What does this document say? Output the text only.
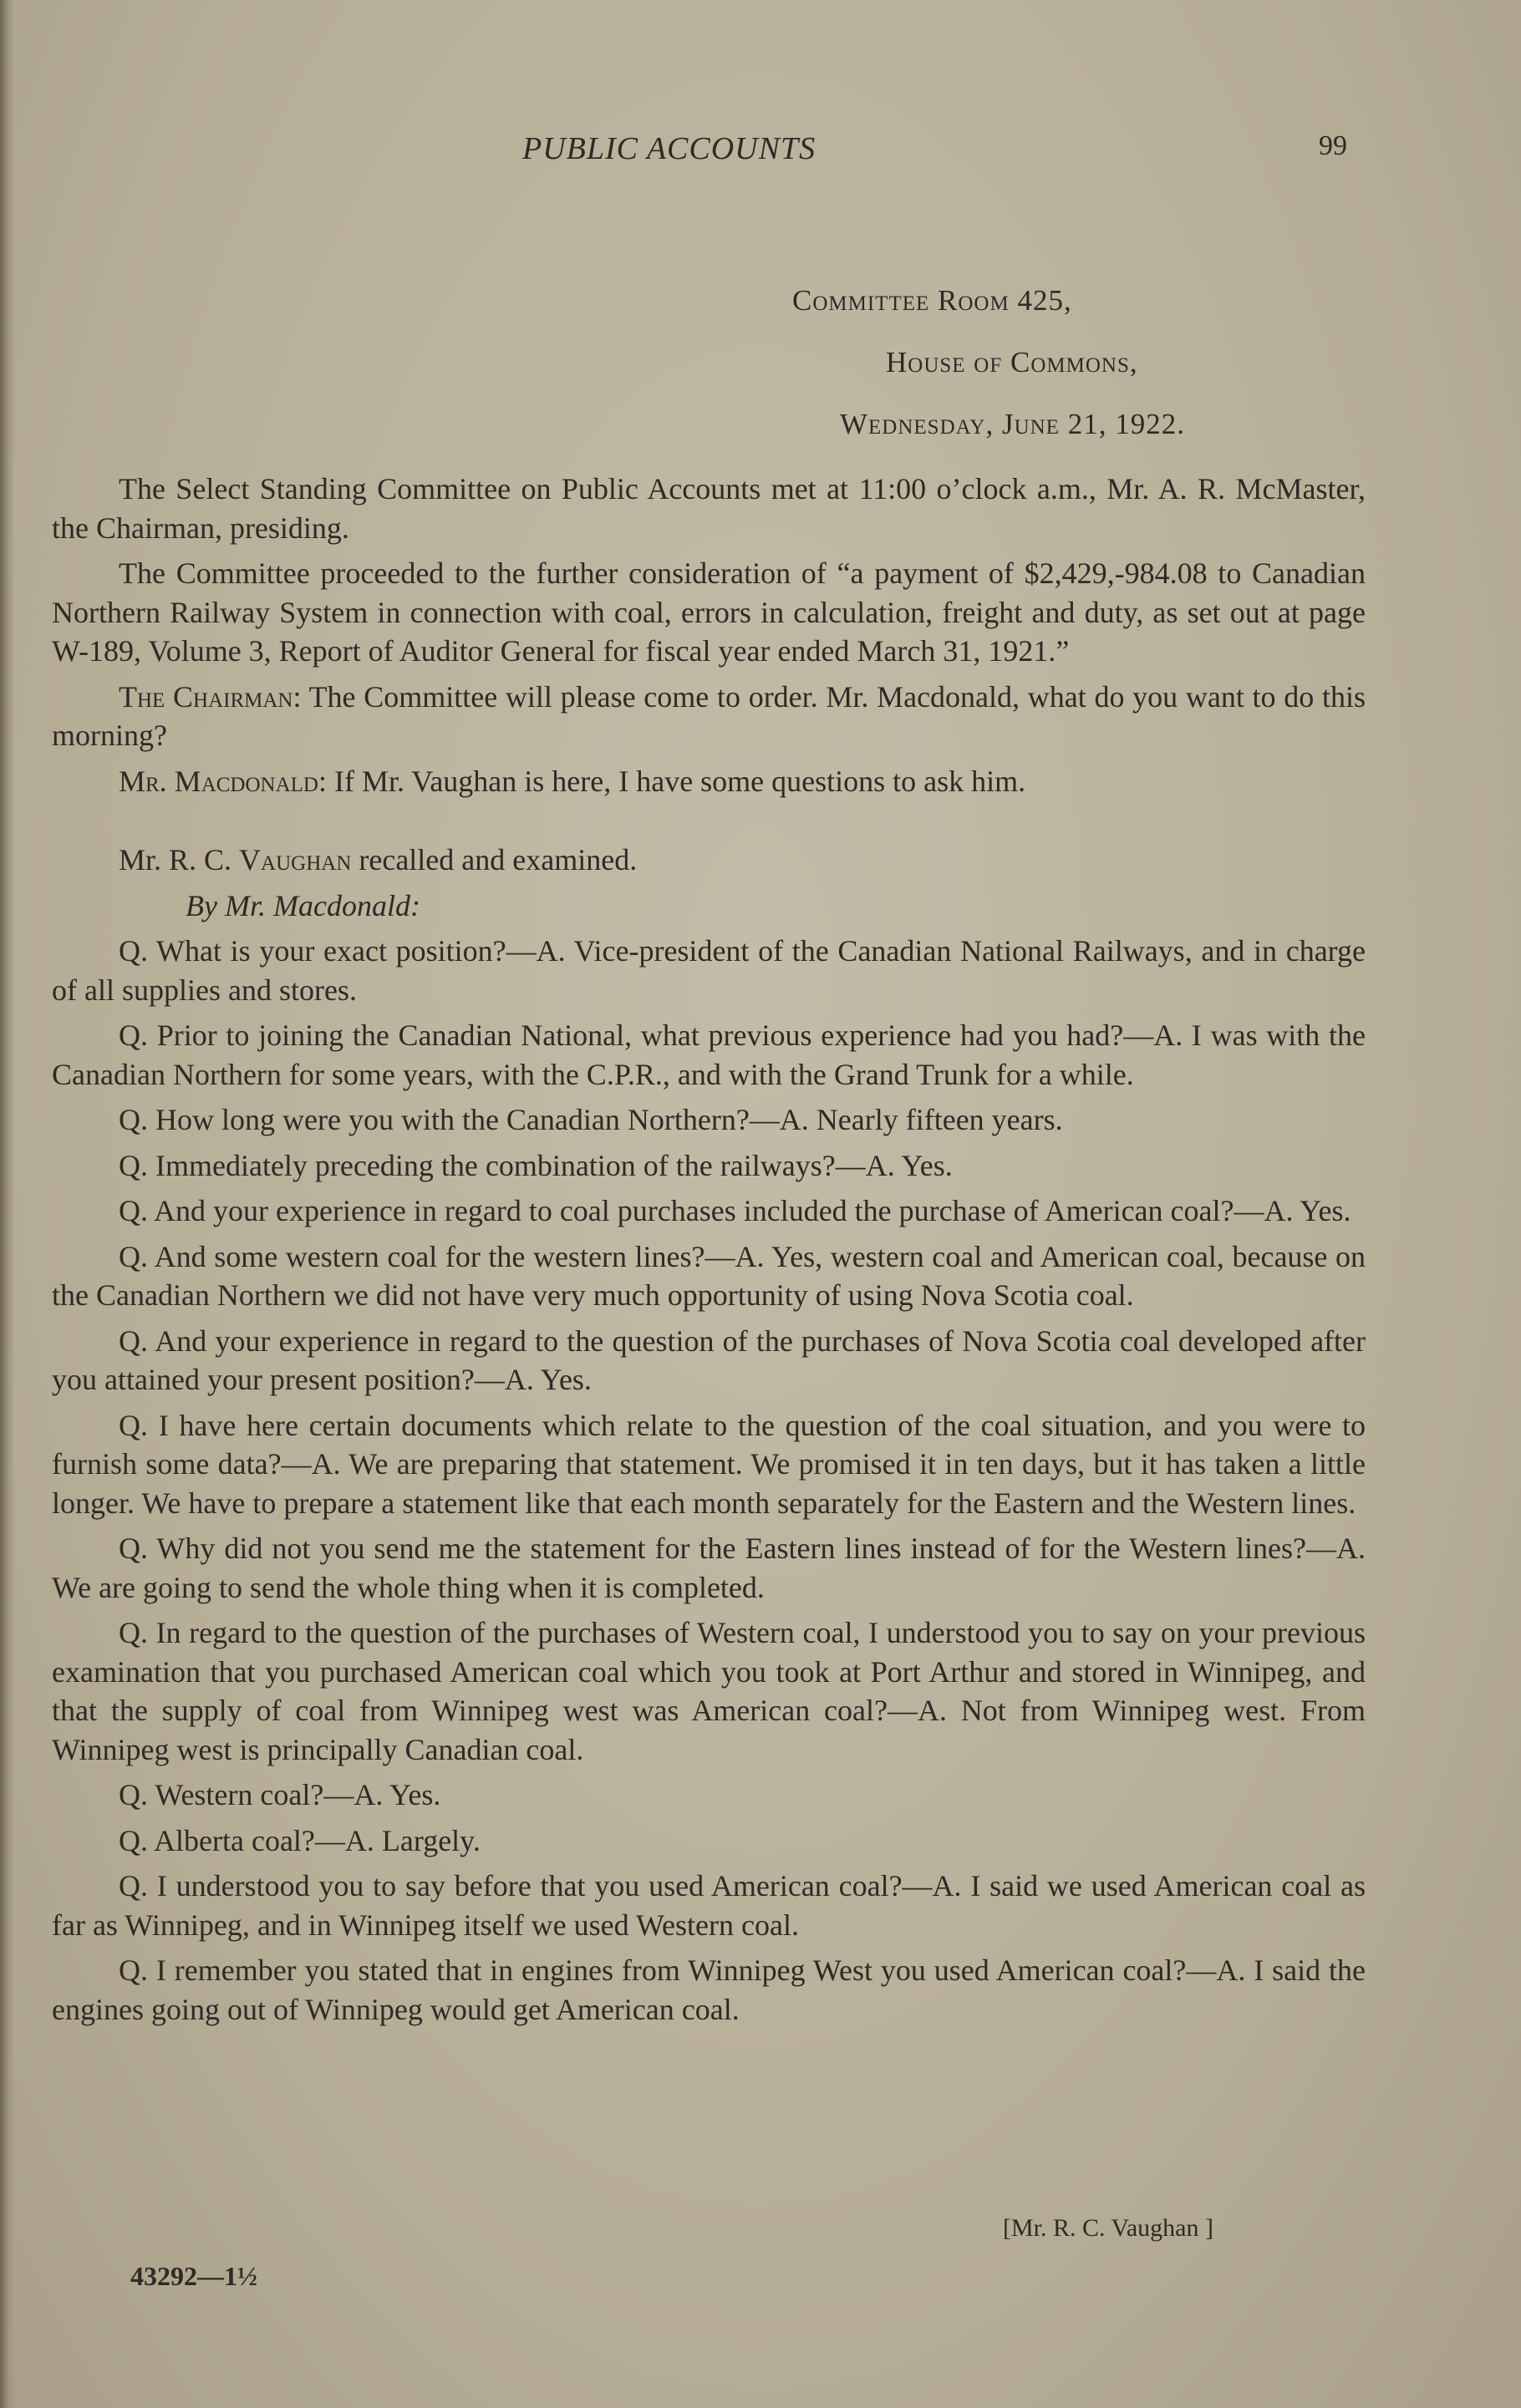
PUBLIC ACCOUNTS	99
Committee Room 425,
House of Commons,
Wednesday, June 21, 1922.

The Select Standing Committee on Public Accounts met at 11:00 o’clock a.m., Mr. A. R. McMaster, the Chairman, presiding.

The Committee proceeded to the further consideration of “a payment of $2,429,-984.08 to Canadian Northern Railway System in connection with coal, errors in calculation, freight and duty, as set out at page W-189, Volume 3, Report of Auditor General for fiscal year ended March 31, 1921.”

The Chairman: The Committee will please come to order. Mr. Macdonald, what do you want to do this morning?

Mr. Macdonald: If Mr. Vaughan is here, I have some questions to ask him.

Mr. R. C. Vaughan recalled and examined.

By Mr. Macdonald:

Q. What is your exact position?—A. Vice-president of the Canadian National Railways, and in charge of all supplies and stores.

Q. Prior to joining the Canadian National, what previous experience had you had?—A. I was with the Canadian Northern for some years, with the C.P.R., and with the Grand Trunk for a while.

Q. How long were you with the Canadian Northern?—A. Nearly fifteen years.

Q. Immediately preceding the combination of the railways?—A. Yes.

Q. And your experience in regard to coal purchases included the purchase of American coal?—A. Yes.

Q. And some western coal for the western lines?—A. Yes, western coal and American coal, because on the Canadian Northern we did not have very much opportunity of using Nova Scotia coal.

Q. And your experience in regard to the question of the purchases of Nova Scotia coal developed after you attained your present position?—A. Yes.

Q. I have here certain documents which relate to the question of the coal situation, and you were to furnish some data?—A. We are preparing that statement. We promised it in ten days, but it has taken a little longer. We have to prepare a statement like that each month separately for the Eastern and the Western lines.

Q. Why did not you send me the statement for the Eastern lines instead of for the Western lines?—A. We are going to send the whole thing when it is completed.

Q. In regard to the question of the purchases of Western coal, I understood you to say on your previous examination that you purchased American coal which you took at Port Arthur and stored in Winnipeg, and that the supply of coal from Winnipeg west was American coal?—A. Not from Winnipeg west. From Winnipeg west is principally Canadian coal.

Q. Western coal?—A. Yes.

Q. Alberta coal?—A. Largely.

Q. I understood you to say before that you used American coal?—A. I said we used American coal as far as Winnipeg, and in Winnipeg itself we used Western coal.

Q. I remember you stated that in engines from Winnipeg West you used American coal?—A. I said the engines going out of Winnipeg would get American coal.

[Mr. R. C. Vaughan ]
43292—1½
